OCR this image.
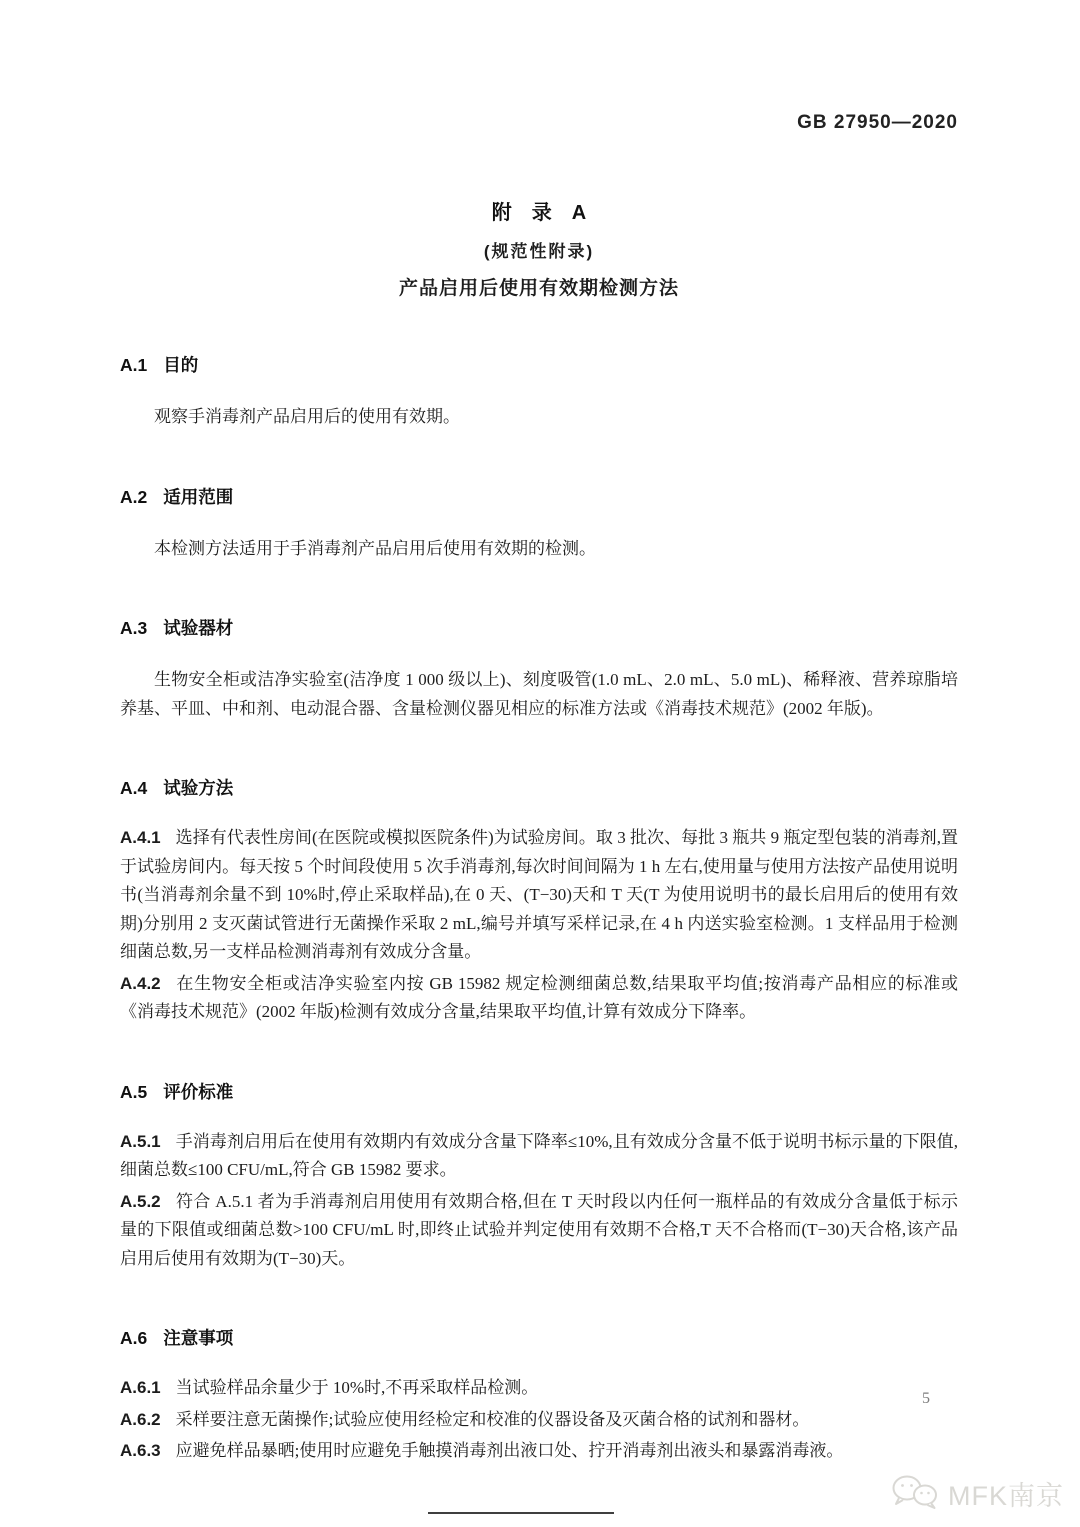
GB 27950—2020
附　录　A
(规范性附录)
产品启用后使用有效期检测方法
A.1 目的
观察手消毒剂产品启用后的使用有效期。
A.2 适用范围
本检测方法适用于手消毒剂产品启用后使用有效期的检测。
A.3 试验器材
生物安全柜或洁净实验室(洁净度 1 000 级以上)、刻度吸管(1.0 mL、2.0 mL、5.0 mL)、稀释液、营养琼脂培养基、平皿、中和剂、电动混合器、含量检测仪器见相应的标准方法或《消毒技术规范》(2002 年版)。
A.4 试验方法
A.4.1 选择有代表性房间(在医院或模拟医院条件)为试验房间。取 3 批次、每批 3 瓶共 9 瓶定型包装的消毒剂,置于试验房间内。每天按 5 个时间段使用 5 次手消毒剂,每次时间间隔为 1 h 左右,使用量与使用方法按产品使用说明书(当消毒剂余量不到 10%时,停止采取样品),在 0 天、(T−30)天和 T 天(T 为使用说明书的最长启用后的使用有效期)分别用 2 支灭菌试管进行无菌操作采取 2 mL,编号并填写采样记录,在 4 h 内送实验室检测。1 支样品用于检测细菌总数,另一支样品检测消毒剂有效成分含量。
A.4.2 在生物安全柜或洁净实验室内按 GB 15982 规定检测细菌总数,结果取平均值;按消毒产品相应的标准或《消毒技术规范》(2002 年版)检测有效成分含量,结果取平均值,计算有效成分下降率。
A.5 评价标准
A.5.1 手消毒剂启用后在使用有效期内有效成分含量下降率≤10%,且有效成分含量不低于说明书标示量的下限值,细菌总数≤100 CFU/mL,符合 GB 15982 要求。
A.5.2 符合 A.5.1 者为手消毒剂启用使用有效期合格,但在 T 天时段以内任何一瓶样品的有效成分含量低于标示量的下限值或细菌总数>100 CFU/mL 时,即终止试验并判定使用有效期不合格,T 天不合格而(T−30)天合格,该产品启用后使用有效期为(T−30)天。
A.6 注意事项
A.6.1 当试验样品余量少于 10%时,不再采取样品检测。
A.6.2 采样要注意无菌操作;试验应使用经检定和校准的仪器设备及灭菌合格的试剂和器材。
A.6.3 应避免样品暴晒;使用时应避免手触摸消毒剂出液口处、拧开消毒剂出液头和暴露消毒液。
5
MFK南京
